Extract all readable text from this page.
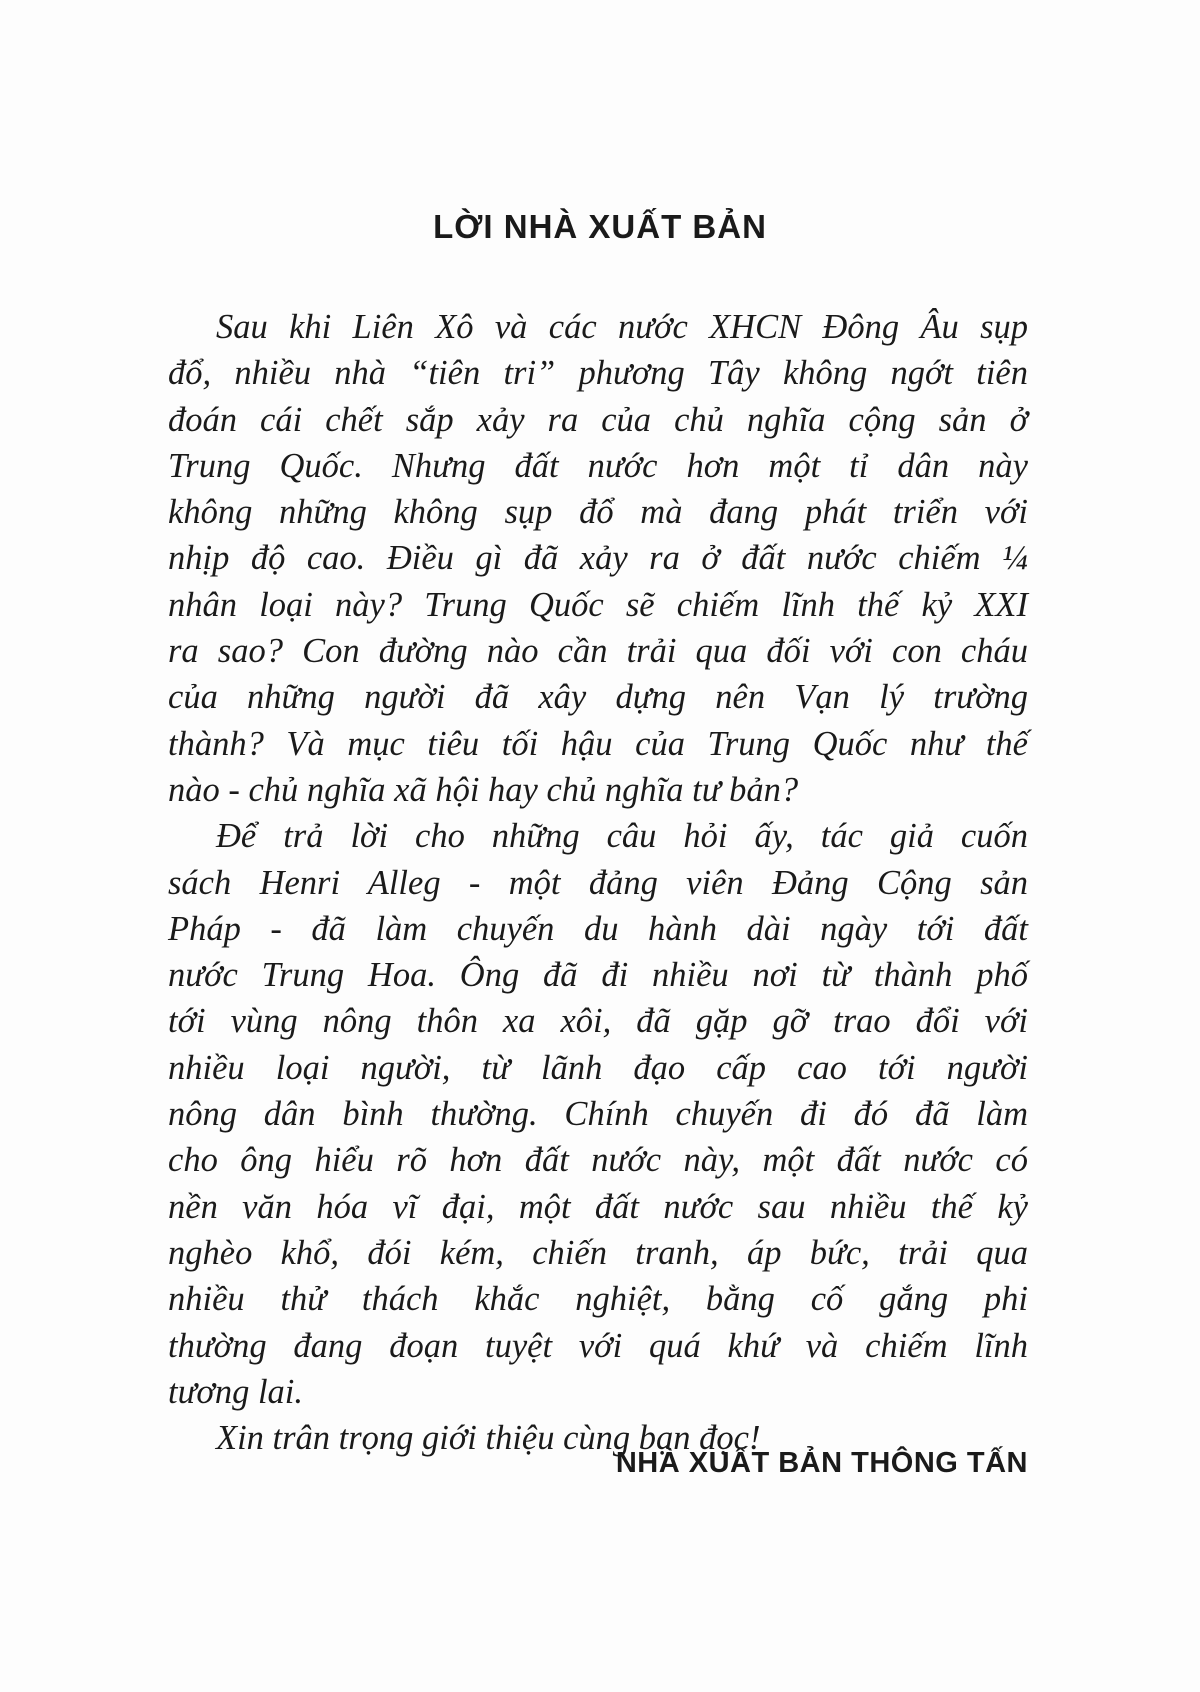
LỜI NHÀ XUẤT BẢN
Sau khi Liên Xô và các nước XHCN Đông Âu sụp
đổ, nhiều nhà “tiên tri” phương Tây không ngớt tiên
đoán cái chết sắp xảy ra của chủ nghĩa cộng sản ở
Trung Quốc. Nhưng đất nước hơn một tỉ dân này
không những không sụp đổ mà đang phát triển với
nhịp độ cao. Điều gì đã xảy ra ở đất nước chiếm ¼
nhân loại này? Trung Quốc sẽ chiếm lĩnh thế kỷ XXI
ra sao? Con đường nào cần trải qua đối với con cháu
của những người đã xây dựng nên Vạn lý trường
thành? Và mục tiêu tối hậu của Trung Quốc như thế
nào - chủ nghĩa xã hội hay chủ nghĩa tư bản?
Để trả lời cho những câu hỏi ấy, tác giả cuốn
sách Henri Alleg - một đảng viên Đảng Cộng sản
Pháp - đã làm chuyến du hành dài ngày tới đất
nước Trung Hoa. Ông đã đi nhiều nơi từ thành phố
tới vùng nông thôn xa xôi, đã gặp gỡ trao đổi với
nhiều loại người, từ lãnh đạo cấp cao tới người
nông dân bình thường. Chính chuyến đi đó đã làm
cho ông hiểu rõ hơn đất nước này, một đất nước có
nền văn hóa vĩ đại, một đất nước sau nhiều thế kỷ
nghèo khổ, đói kém, chiến tranh, áp bức, trải qua
nhiều thử thách khắc nghiệt, bằng cố gắng phi
thường đang đoạn tuyệt với quá khứ và chiếm lĩnh
tương lai.
Xin trân trọng giới thiệu cùng bạn đọc!

NHÀ XUẤT BẢN THÔNG TẤN
